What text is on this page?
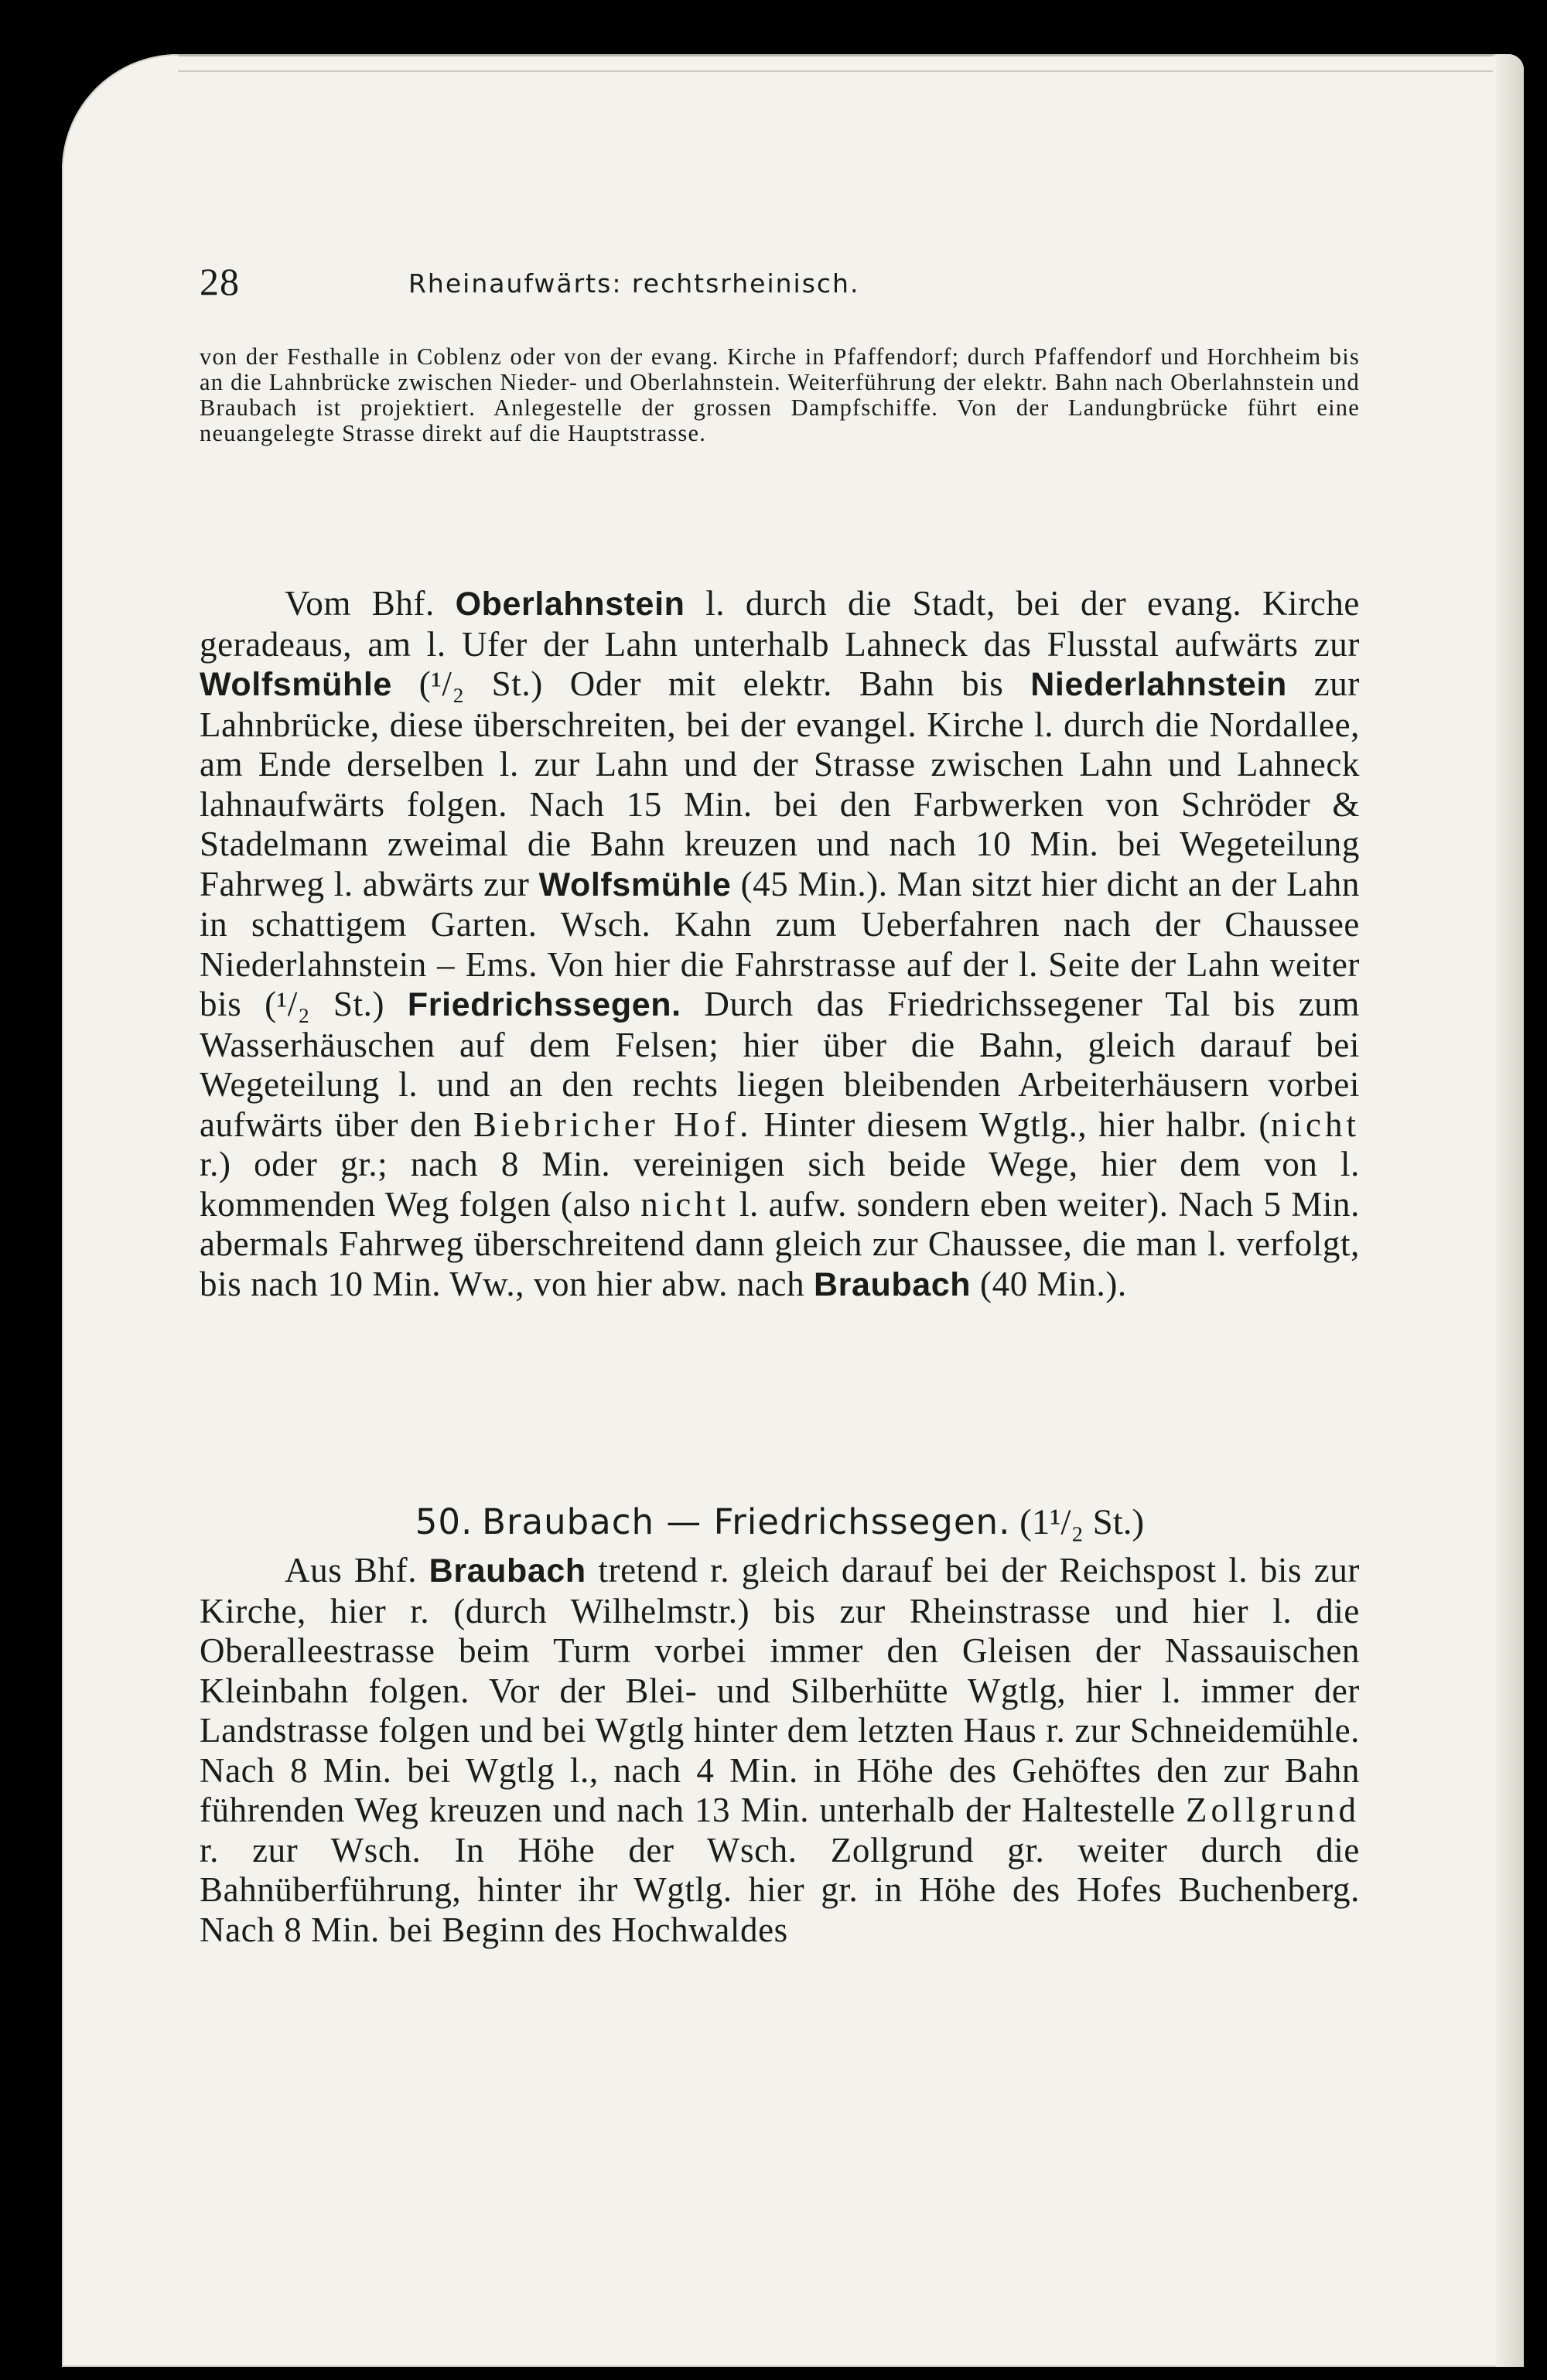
28	Rheinaufwärts: rechtsrheinisch.
von der Festhalle in Coblenz oder von der evang. Kirche in Pfaffendorf; durch Pfaffendorf und Horchheim bis an die Lahnbrücke zwischen Nieder- und Oberlahnstein. Weiterführung der elektr. Bahn nach Oberlahnstein und Braubach ist projektiert. Anlegestelle der grossen Dampfschiffe. Von der Landungbrücke führt eine neuangelegte Strasse direkt auf die Hauptstrasse.

Vom Bhf. Oberlahnstein l. durch die Stadt, bei der evang. Kirche geradeaus, am l. Ufer der Lahn unterhalb Lahneck das Flusstal aufwärts zur Wolfsmühle (¹/₂ St.) Oder mit elektr. Bahn bis Niederlahnstein zur Lahnbrücke, diese überschreiten, bei der evangel. Kirche l. durch die Nordallee, am Ende derselben l. zur Lahn und der Strasse zwischen Lahn und Lahneck lahnaufwärts folgen. Nach 15 Min. bei den Farbwerken von Schröder & Stadelmann zweimal die Bahn kreuzen und nach 10 Min. bei Wegeteilung Fahrweg l. abwärts zur Wolfsmühle (45 Min.). Man sitzt hier dicht an der Lahn in schattigem Garten. Wsch. Kahn zum Ueberfahren nach der Chaussee Niederlahnstein – Ems. Von hier die Fahrstrasse auf der l. Seite der Lahn weiter bis (¹/₂ St.) Friedrichssegen. Durch das Friedrichssegener Tal bis zum Wasserhäuschen auf dem Felsen; hier über die Bahn, gleich darauf bei Wegeteilung l. und an den rechts liegen bleibenden Arbeiterhäusern vorbei aufwärts über den Biebricher Hof. Hinter diesem Wgtlg., hier halbr. (nicht r.) oder gr.; nach 8 Min. vereinigen sich beide Wege, hier dem von l. kommenden Weg folgen (also nicht l. aufw. sondern eben weiter). Nach 5 Min. abermals Fahrweg überschreitend dann gleich zur Chaussee, die man l. verfolgt, bis nach 10 Min. Ww., von hier abw. nach Braubach (40 Min.).

50. Braubach — Friedrichssegen. (1¹/₂ St.)

Aus Bhf. Braubach tretend r. gleich darauf bei der Reichspost l. bis zur Kirche, hier r. (durch Wilhelmstr.) bis zur Rheinstrasse und hier l. die Oberalleestrasse beim Turm vorbei immer den Gleisen der Nassauischen Kleinbahn folgen. Vor der Blei- und Silberhütte Wgtlg, hier l. immer der Landstrasse folgen und bei Wgtlg hinter dem letzten Haus r. zur Schneidemühle. Nach 8 Min. bei Wgtlg l., nach 4 Min. in Höhe des Gehöftes den zur Bahn führenden Weg kreuzen und nach 13 Min. unterhalb der Haltestelle Zollgrund r. zur Wsch. In Höhe der Wsch. Zollgrund gr. weiter durch die Bahnüberführung, hinter ihr Wgtlg. hier gr. in Höhe des Hofes Buchenberg. Nach 8 Min. bei Beginn des Hochwaldes
